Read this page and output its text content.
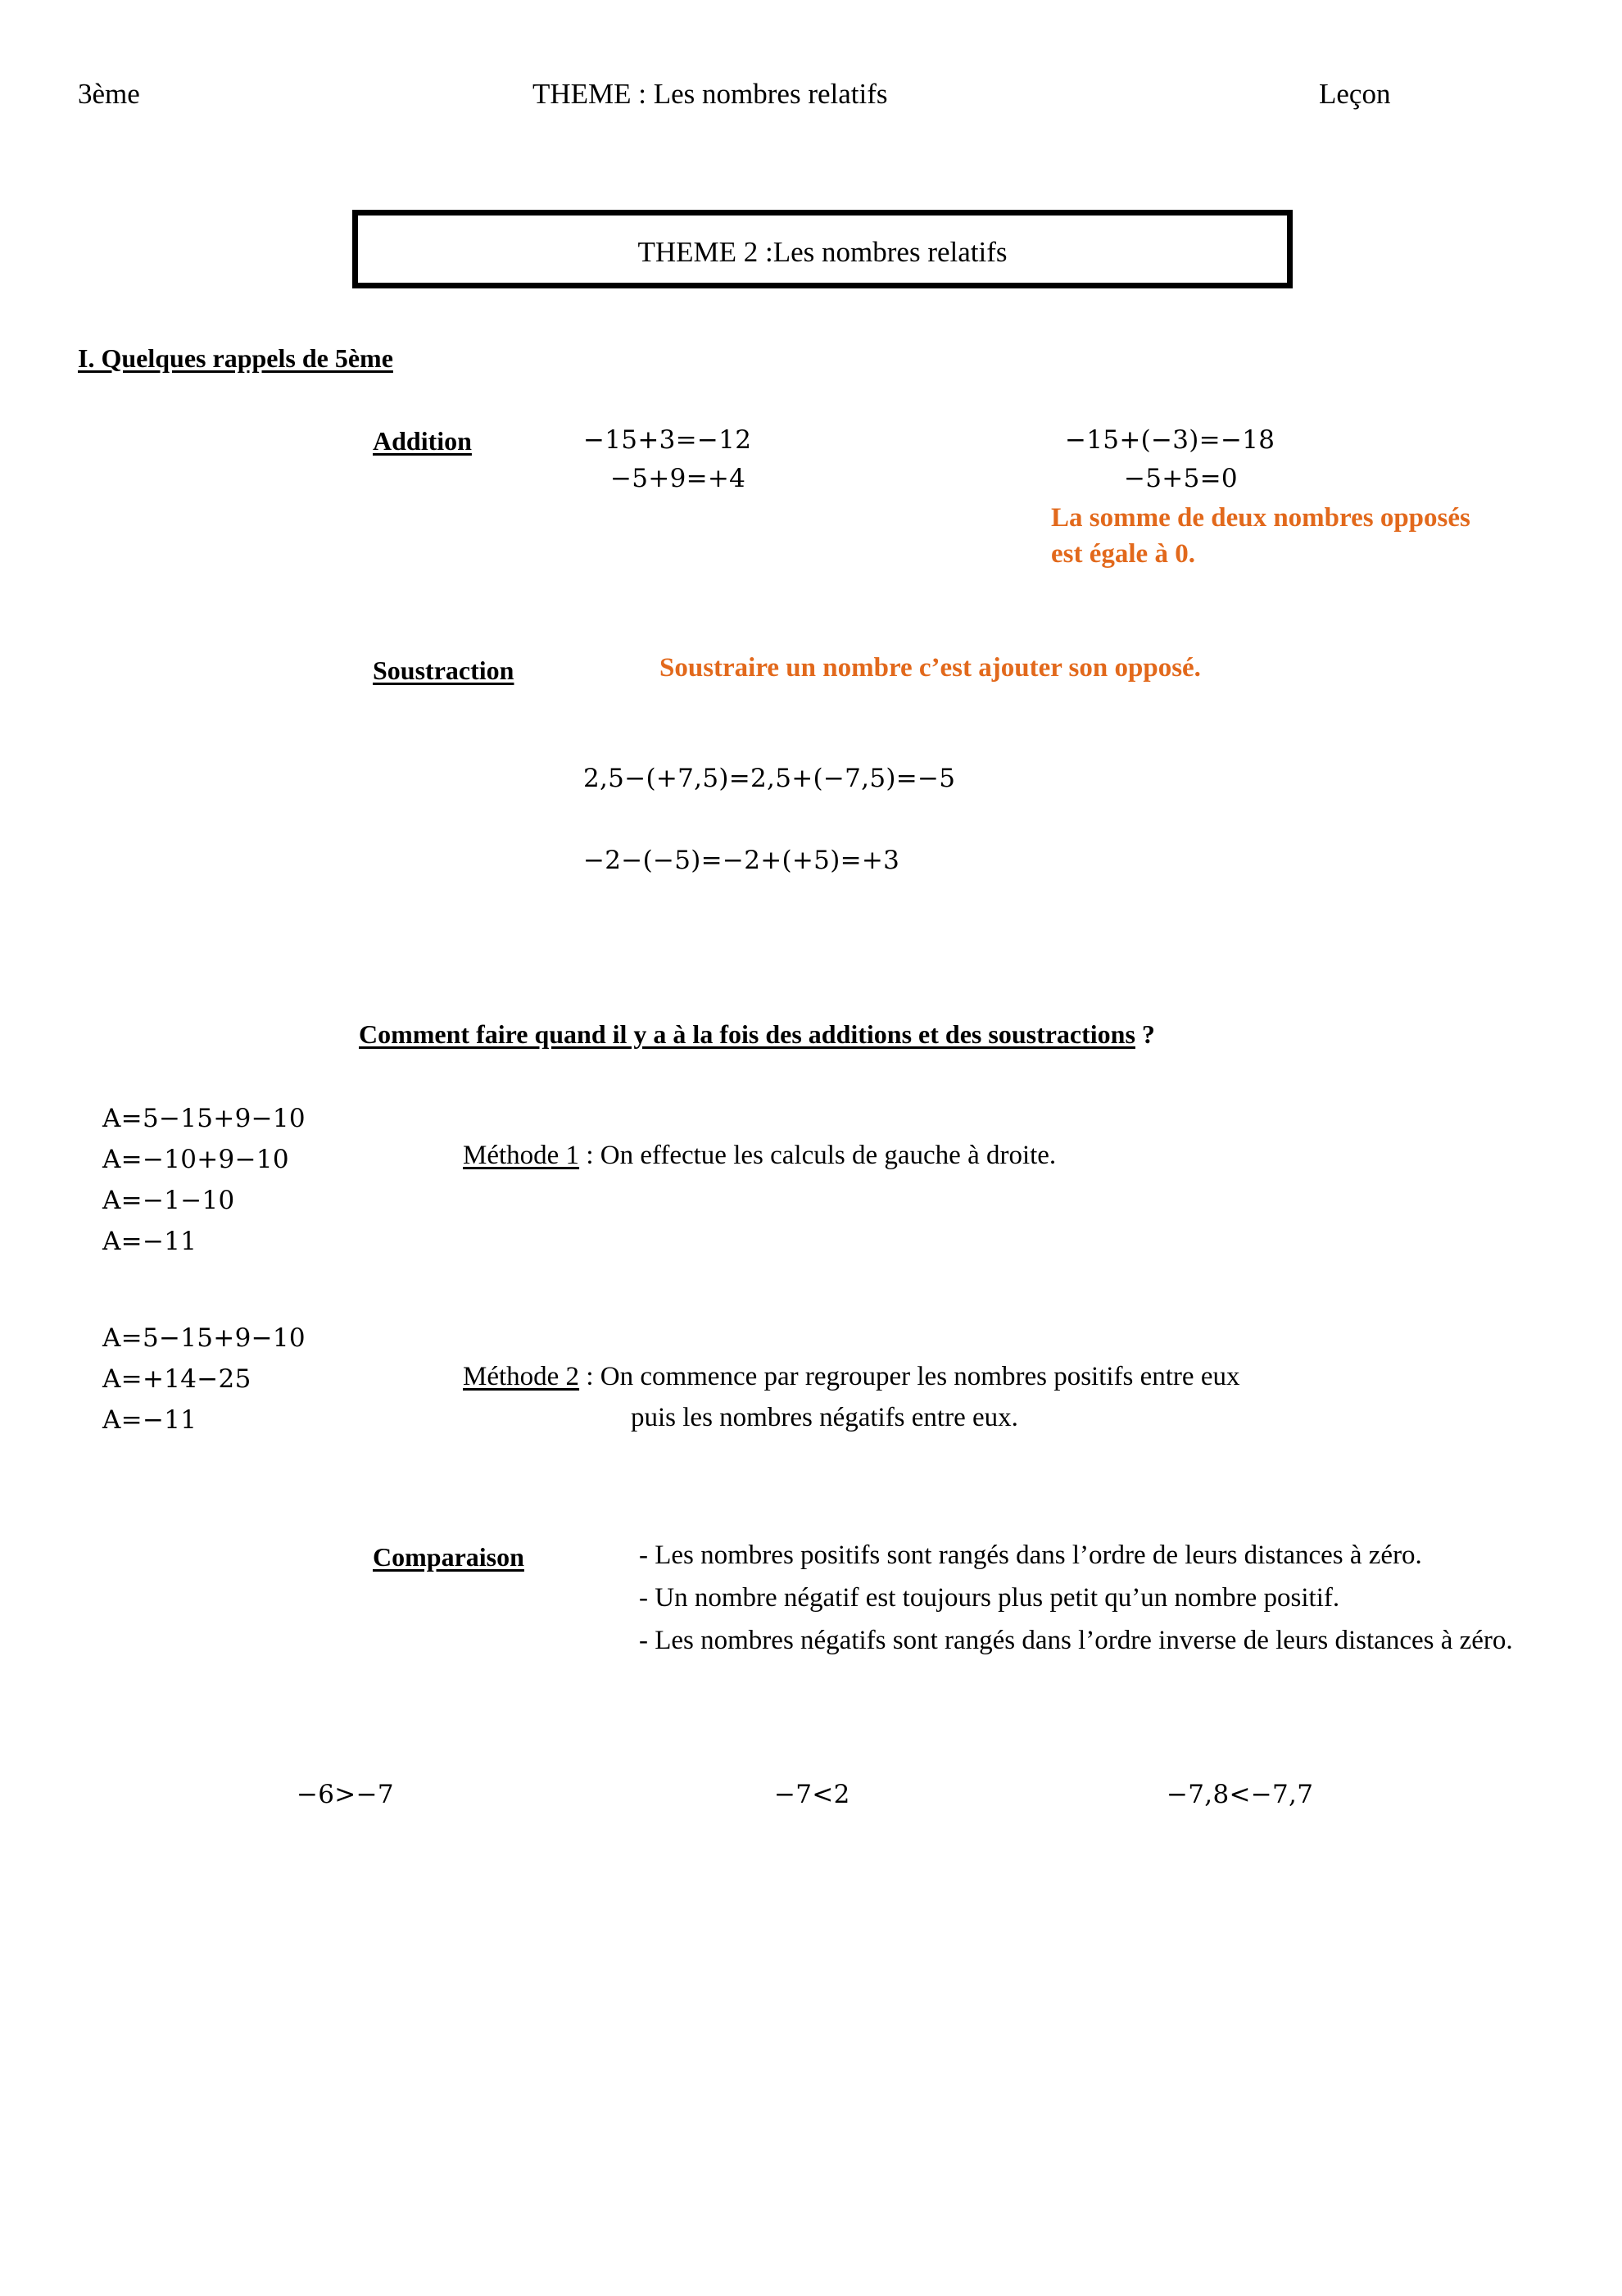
3ème	THEME : Les nombres relatifs	Leçon
THEME 2 :Les nombres relatifs
I. Quelques rappels de 5ème
Addition	−15+3=−12
−5+9=+4
−15+(−3)=−18
−5+5=0
La somme de deux nombres opposés est égale à 0.
Soustraction	Soustraire un nombre c’est ajouter son opposé.
2,5−(+7,5)=2,5+(−7,5)=−5
−2−(−5)=−2+(+5)=+3
Comment faire quand il y a à la fois des additions et des soustractions ?
A=5−15+9−10
A=−10+9−10
A=−1−10
A=−11
Méthode 1 : On effectue les calculs de gauche à droite.
A=5−15+9−10
A=+14−25
A=−11
Méthode 2 : On commence par regrouper les nombres positifs entre eux
puis les nombres négatifs entre eux.
Comparaison	- Les nombres positifs sont rangés dans l’ordre de leurs distances à zéro.
- Un nombre négatif est toujours plus petit qu’un nombre positif.
- Les nombres négatifs sont rangés dans l’ordre inverse de leurs distances à zéro.
−6>−7	−7<2	−7,8<−7,7
